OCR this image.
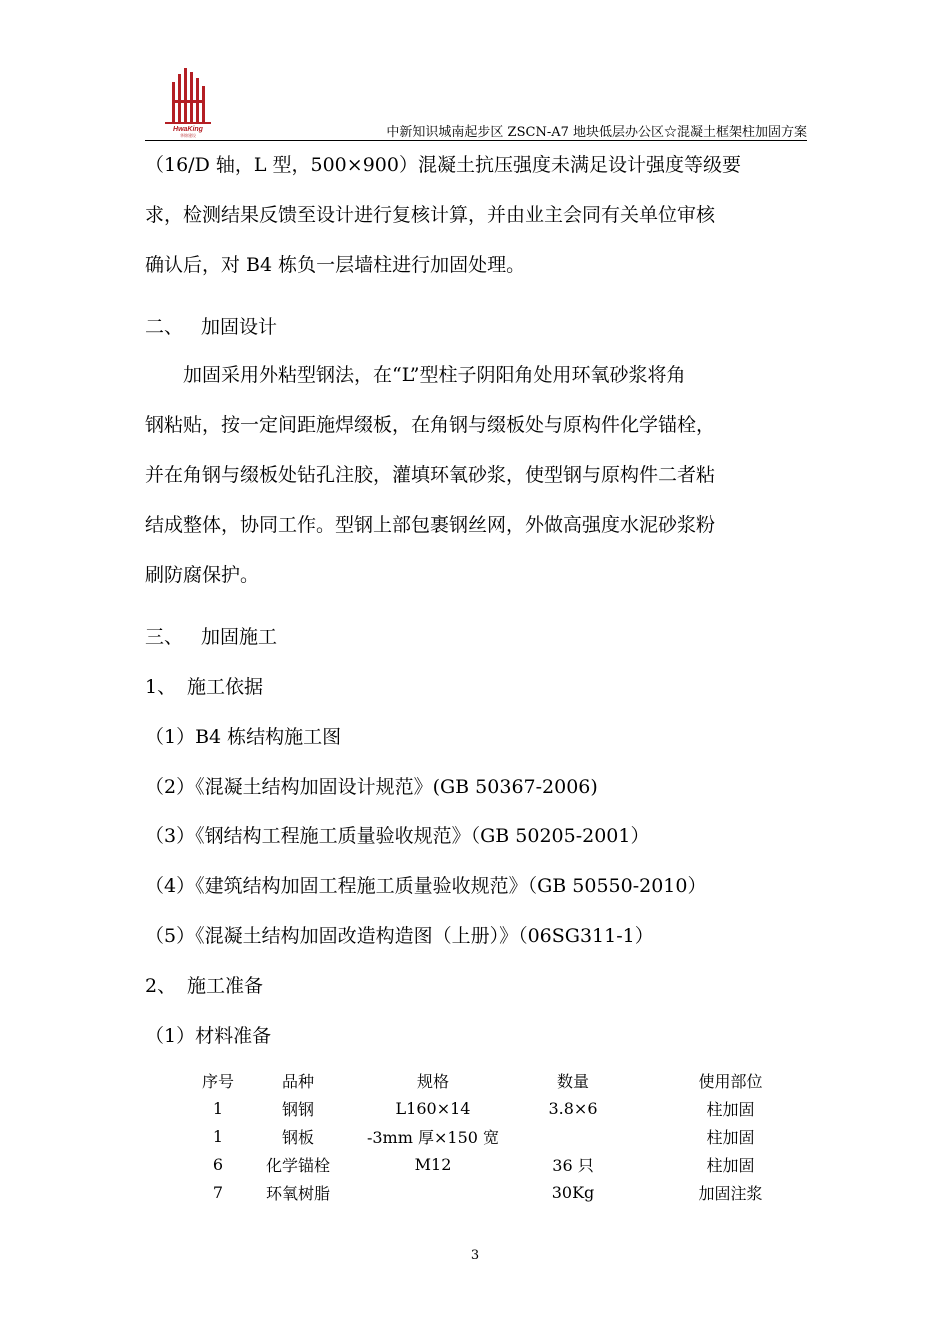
HwaKing
华锦建设	中新知识城南起步区 ZSCN-A7 地块低层办公区☆混凝土框架柱加固方案
（16/D 轴，L 型，500×900）混凝土抗压强度未满足设计强度等级要
求，检测结果反馈至设计进行复核计算，并由业主会同有关单位审核
确认后，对 B4 栋负一层墙柱进行加固处理。
二、 加固设计
加固采用外粘型钢法，在“L”型柱子阴阳角处用环氧砂浆将角
钢粘贴，按一定间距施焊缀板，在角钢与缀板处与原构件化学锚栓，
并在角钢与缀板处钻孔注胶，灌填环氧砂浆，使型钢与原构件二者粘
结成整体，协同工作。型钢上部包裹钢丝网，外做高强度水泥砂浆粉
刷防腐保护。
三、 加固施工
1、 施工依据
（1）B4 栋结构施工图
（2）《混凝土结构加固设计规范》(GB 50367-2006)
（3）《钢结构工程施工质量验收规范》（GB 50205-2001）
（4）《建筑结构加固工程施工质量验收规范》（GB 50550-2010）
（5）《混凝土结构加固改造构造图（上册）》（06SG311-1）
2、 施工准备
（1）材料准备
序号	品种	规格	数量	使用部位
1	钢钢	L160×14	3.8×6	柱加固
1	钢板	-3mm 厚×150 宽		柱加固
6	化学锚栓	M12	36 只	柱加固
7	环氧树脂		30Kg	加固注浆
3
